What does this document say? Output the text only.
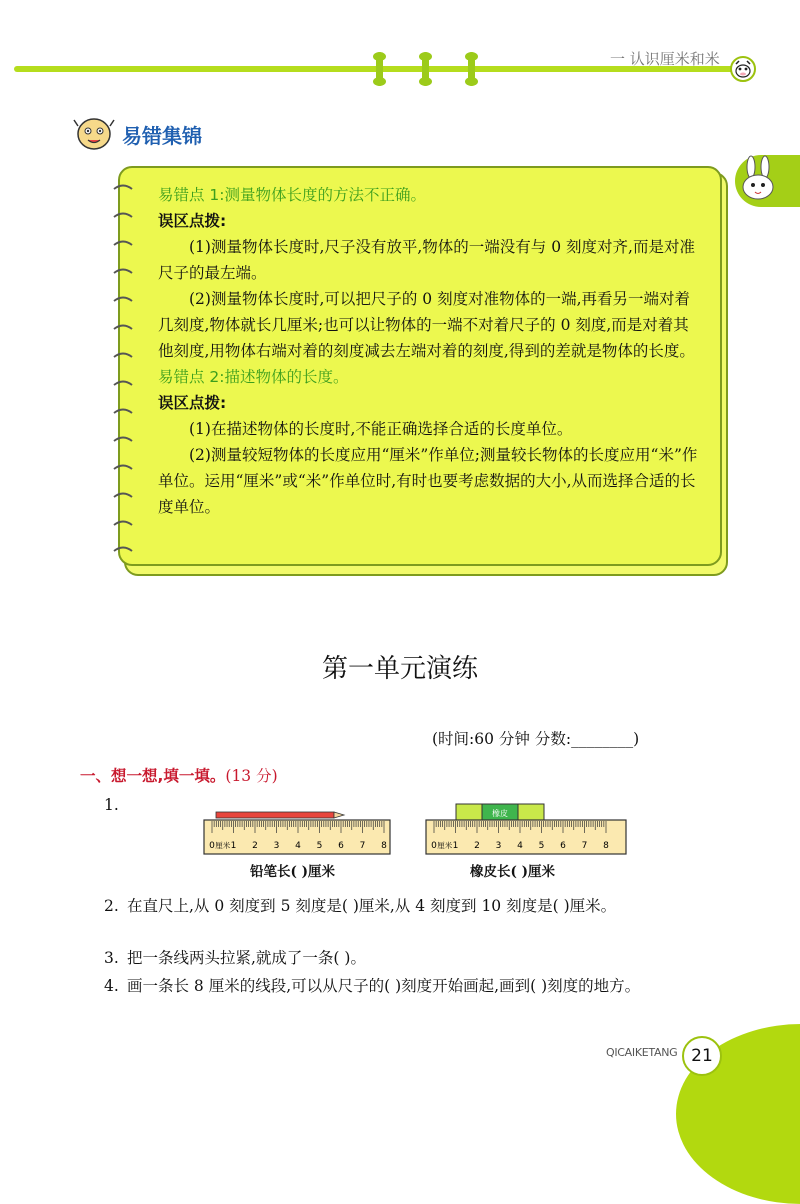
一 认识厘米和米
易错集锦

易错点 1:测量物体长度的方法不正确。

误区点拨:

(1)测量物体长度时,尺子没有放平,物体的一端没有与 0 刻度对齐,而是对准尺子的最左端。

(2)测量物体长度时,可以把尺子的 0 刻度对准物体的一端,再看另一端对着几刻度,物体就长几厘米;也可以让物体的一端不对着尺子的 0 刻度,而是对着其他刻度,用物体右端对着的刻度减去左端对着的刻度,得到的差就是物体的长度。

易错点 2:描述物体的长度。

误区点拨:

(1)在描述物体的长度时,不能正确选择合适的长度单位。

(2)测量较短物体的长度应用“厘米”作单位;测量较长物体的长度应用“米”作单位。运用“厘米”或“米”作单位时,有时也要考虑数据的大小,从而选择合适的长度单位。

第一单元演练
(时间:60 分钟 分数:________)
一、想一想,填一填。(13 分)
1.
0 1 2 3 4 5 6 7 8
厘米
铅笔长( )厘米
橡皮
0 1 2 3 4 5 6 7 8
厘米
橡皮长( )厘米
2. 在直尺上,从 0 刻度到 5 刻度是( )厘米,从 4 刻度到 10 刻度是( )厘米。
3. 把一条线两头拉紧,就成了一条( )。
4. 画一条长 8 厘米的线段,可以从尺子的( )刻度开始画起,画到( )刻度的地方。
QICAIKETANG 21
